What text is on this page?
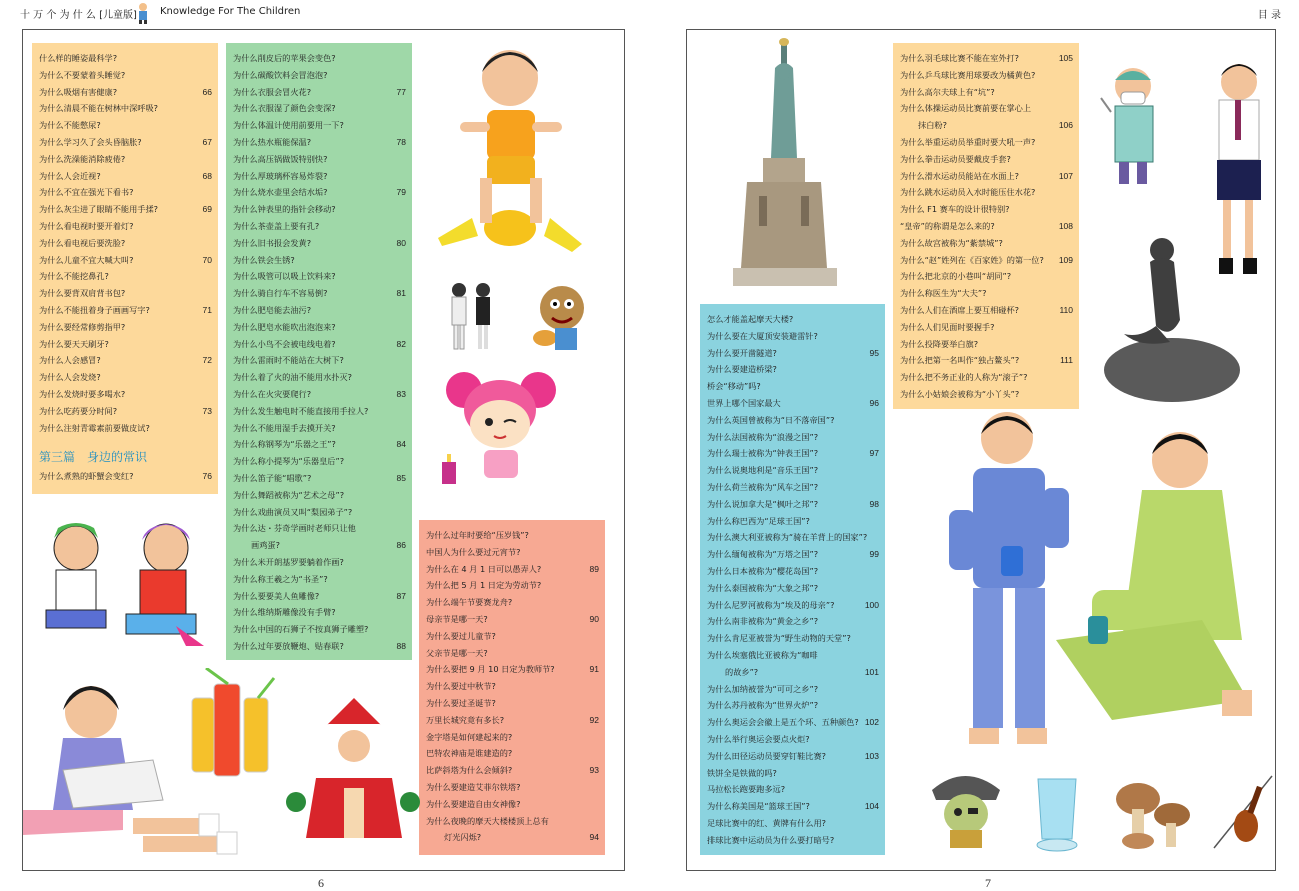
十 万 个 为 什 么 [儿童版] Knowledge For The Children	目 录
什么样的睡姿最科学?
为什么不要蒙着头睡觉?
为什么吸烟有害健康?	66
为什么清晨不能在树林中深呼吸?
为什么不能憋尿?
为什么学习久了会头昏脑胀?	67
为什么洗澡能消除疲倦?
为什么人会近视?	68
为什么不宜在强光下看书?
为什么灰尘进了眼睛不能用手揉?	69
为什么看电视时要开着灯?
为什么看电视后要洗脸?
为什么儿童不宜大喊大叫?	70
为什么不能挖鼻孔?
为什么要背双肩背书包?
为什么不能扭着身子画画写字?	71
为什么要经常修剪指甲?
为什么要天天刷牙?
为什么人会感冒?	72
为什么人会发烧?
为什么发烧时要多喝水?
为什么吃药要分时间?	73
为什么注射青霉素前要做皮试?
第三篇　身边的常识
为什么煮熟的虾蟹会变红?	76
为什么削皮后的苹果会变色?
为什么碳酸饮料会冒泡泡?
为什么衣服会冒火花?	77
为什么衣服湿了颜色会变深?
为什么体温计使用前要用一下?
为什么热水瓶能保温?	78
为什么高压锅做饭特别快?
为什么厚玻璃杯容易炸裂?
为什么烧水壶里会结水垢?	79
为什么钟表里的指针会移动?
为什么茶壶盖上要有孔?
为什么旧书报会发黄?	80
为什么铁会生锈?
为什么吸管可以吸上饮料来?
为什么骑自行车不容易倒?	81
为什么肥皂能去油污?
为什么肥皂水能吹出泡泡来?
为什么小鸟不会被电线电着?	82
为什么雷雨时不能站在大树下?
为什么着了火的油不能用水扑灭?
为什么在火灾要爬行?	83
为什么发生触电时不能直接用手拉人?
为什么不能用湿手去摸开关?
为什么称钢琴为“乐器之王”?	84
为什么称小提琴为“乐器皇后”?
为什么笛子能“唱歌”?	85
为什么舞蹈被称为“艺术之母”?
为什么戏曲演员又叫“梨园弟子”?
为什么达・芬奇学画时老师只让他
画鸡蛋?	86
为什么米开朗基罗要躺着作画?
为什么称王羲之为“书圣”?
为什么要要美人鱼雕像?	87
为什么维纳斯雕像没有手臂?
为什么中国的石狮子不按真狮子雕塑?
为什么过年要放鞭炮、贴春联?	88
为什么过年时要给“压岁钱”?
中国人为什么要过元宵节?
为什么在 4 月 1 日可以愚弄人?	89
为什么把 5 月 1 日定为劳动节?
为什么端午节要赛龙舟?
母亲节是哪一天?	90
为什么要过儿童节?
父亲节是哪一天?
为什么要把 9 月 10 日定为教师节?	91
为什么要过中秋节?
为什么要过圣诞节?
万里长城究竟有多长?	92
金字塔是如何建起来的?
巴特农神庙是谁建造的?
比萨斜塔为什么会倾斜?	93
为什么要建造艾菲尔铁塔?
为什么要建造自由女神像?
为什么夜晚的摩天大楼楼顶上总有
灯光闪烁?	94
怎么才能盖起摩天大楼?
为什么要在大厦顶安装避雷针?
为什么要开凿隧道?	95
为什么要建造桥梁?
桥会“移动”吗?
世界上哪个国家最大	96
为什么英国曾被称为“日不落帝国”?
为什么法国被称为“浪漫之国”?
为什么瑞士被称为“钟表王国”?	97
为什么说奥地利是“音乐王国”?
为什么荷兰被称为“风车之国”?
为什么说加拿大是“枫叶之邦”?	98
为什么称巴西为“足球王国”?
为什么澳大利亚被称为“骑在羊背上的国家”?
为什么缅甸被称为“万塔之国”?	99
为什么日本被称为“樱花岛国”?
为什么泰国被称为“大象之邦”?
为什么尼罗河被称为“埃及的母亲”?	100
为什么南非被称为“黄金之乡”?
为什么肯尼亚被誉为“野生动物的天堂”?
为什么埃塞俄比亚被称为“咖啡
的故乡”?	101
为什么加纳被誉为“可可之乡”?
为什么苏丹被称为“世界火炉”?
为什么奥运会会徽上是五个环、五种颜色? 102
为什么举行奥运会要点火炬?
为什么田径运动员要穿钉鞋比赛?	103
铁饼全是铁做的吗?
马拉松长跑要跑多远?
为什么称美国是“篮球王国”?	104
足球比赛中的红、黄牌有什么用?
排球比赛中运动员为什么要打暗号?
为什么羽毛球比赛不能在室外打?	105
为什么乒乓球比赛用球要改为橘黄色?
为什么高尔夫球上有“坑”?
为什么体操运动员比赛前要在掌心上
抹白粉?	106
为什么举重运动员举重时要大吼一声?
为什么拳击运动员要戴皮手套?
为什么滑水运动员能站在水面上?	107
为什么跳水运动员入水时能压住水花?
为什么 F1 赛车的设计很特别?
“皇帝”的称谓是怎么来的?	108
为什么故宫被称为“紫禁城”?
为什么“赵”姓列在《百家姓》的第一位? 109
为什么把北京的小巷叫“胡同”?
为什么称医生为“大夫”?
为什么人们在酒席上要互相碰杯?	110
为什么人们见面时要握手?
为什么投降要举白旗?
为什么把第一名叫作“独占鳌头”?	111
为什么把不务正业的人称为“滚子”?
为什么小姑娘会被称为“小丫头”?
6	7
